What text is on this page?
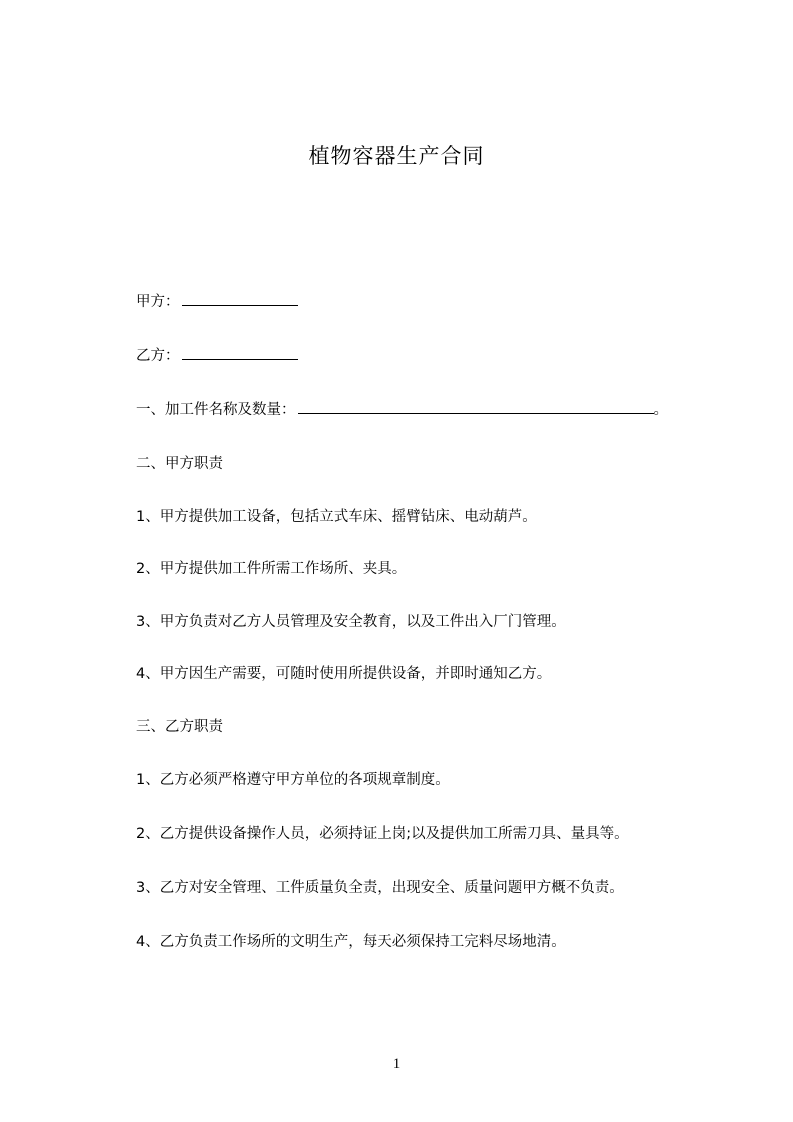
植物容器生产合同

甲方：

乙方：

一、加工件名称及数量：	。

二、甲方职责

1、甲方提供加工设备，包括立式车床、摇臂钻床、电动葫芦。

2、甲方提供加工件所需工作场所、夹具。

3、甲方负责对乙方人员管理及安全教育，以及工件出入厂门管理。

4、甲方因生产需要，可随时使用所提供设备，并即时通知乙方。

三、乙方职责

1、乙方必须严格遵守甲方单位的各项规章制度。

2、乙方提供设备操作人员，必须持证上岗;以及提供加工所需刀具、量具等。

3、乙方对安全管理、工件质量负全责，出现安全、质量问题甲方概不负责。

4、乙方负责工作场所的文明生产，每天必须保持工完料尽场地清。

1
